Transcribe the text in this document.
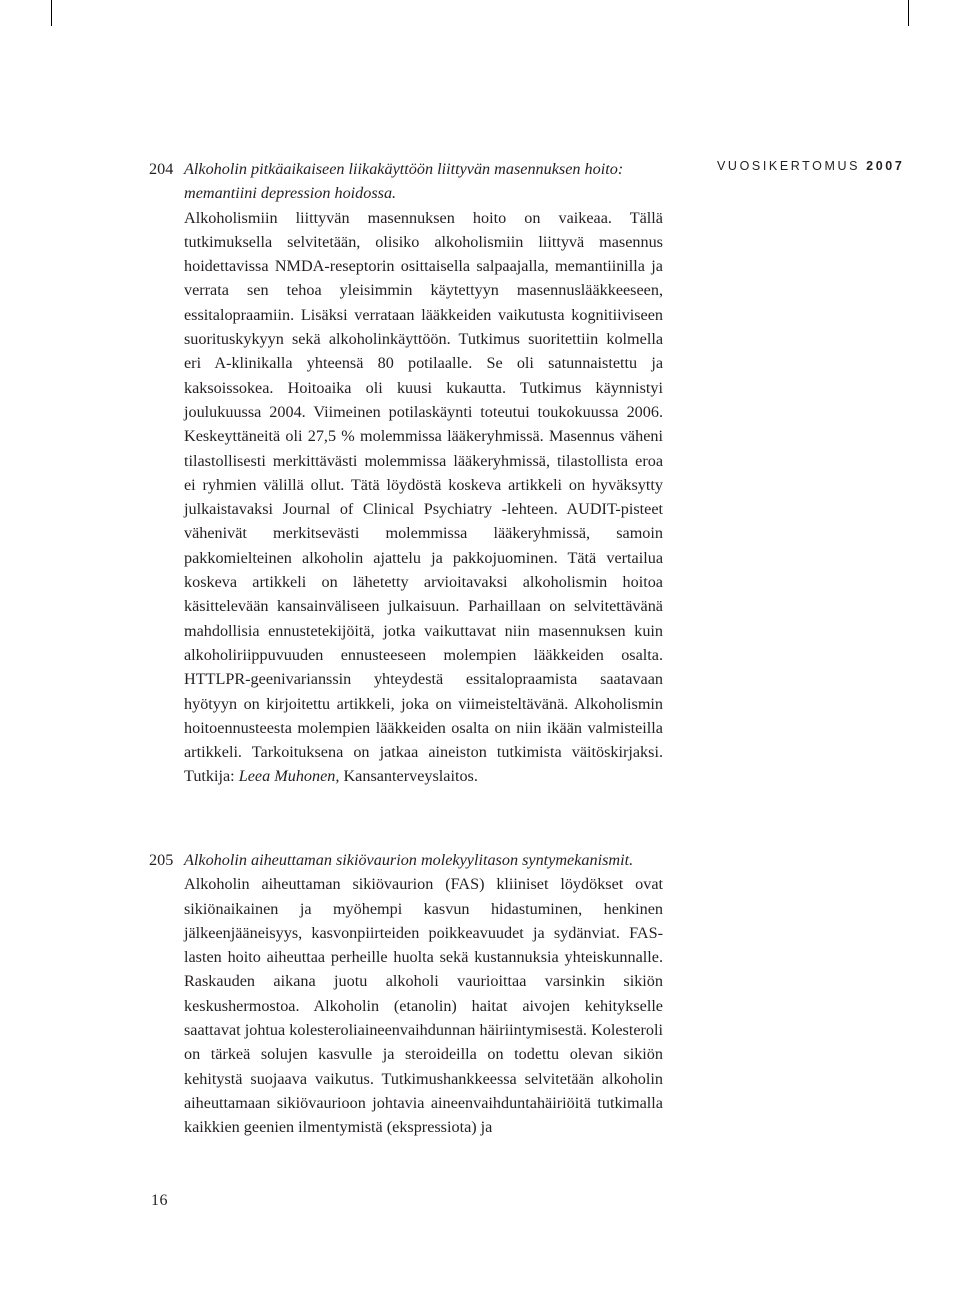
VUOSIKERTOMUS 2007
204 Alkoholin pitkäaikaiseen liikakäyttöön liittyvän masennuksen hoito: memantiini depression hoidossa.
Alkoholismiin liittyvän masennuksen hoito on vaikeaa. Tällä tutkimuksella selvitetään, olisiko alkoholismiin liittyvä masennus hoidettavissa NMDA-reseptorin osittaisella salpaajalla, memantiinilla ja verrata sen tehoa yleisimmin käytettyyn masennuslääkkeeseen, essitalopraamiin. Lisäksi verrataan lääkkeiden vaikutusta kognitiiviseen suorituskykyyn sekä alkoholinkäyttöön. Tutkimus suoritettiin kolmella eri A-klinikalla yhteensä 80 potilaalle. Se oli satunnaistettu ja kaksoissokea. Hoitoaika oli kuusi kukautta. Tutkimus käynnistyi joulukuussa 2004. Viimeinen potilaskäynti toteutui toukokuussa 2006. Keskeyttäneitä oli 27,5 % molemmissa lääkeryhmissä. Masennus väheni tilastollisesti merkittävästi molemmissa lääkeryhmissä, tilastollista eroa ei ryhmien välillä ollut. Tätä löydöstä koskeva artikkeli on hyväksytty julkaistavaksi Journal of Clinical Psychiatry -lehteen. AUDIT-pisteet vähenivät merkitsevästi molemmissa lääkeryhmissä, samoin pakkomielteinen alkoholin ajattelu ja pakkojuominen. Tätä vertailua koskeva artikkeli on lähetetty arvioitavaksi alkoholismin hoitoa käsittelevään kansainväliseen julkaisuun. Parhaillaan on selvitettävänä mahdollisia ennustetekijöitä, jotka vaikuttavat niin masennuksen kuin alkoholiriippuvuuden ennusteeseen molempien lääkkeiden osalta. HTTLPR-geenivarianssin yhteydestä essitalopraamista saatavaan hyötyyn on kirjoitettu artikkeli, joka on viimeisteltävänä. Alkoholismin hoitoennusteesta molempien lääkkeiden osalta on niin ikään valmisteilla artikkeli. Tarkoituksena on jatkaa aineiston tutkimista väitöskirjaksi. Tutkija: Leea Muhonen, Kansanterveyslaitos.
205 Alkoholin aiheuttaman sikiövaurion molekyylitason syntymekanismit.
Alkoholin aiheuttaman sikiövaurion (FAS) kliiniset löydökset ovat sikiönaikainen ja myöhempi kasvun hidastuminen, henkinen jälkeenjääneisyys, kasvonpiirteiden poikkeavuudet ja sydänviat. FAS-lasten hoito aiheuttaa perheille huolta sekä kustannuksia yhteiskunnalle. Raskauden aikana juotu alkoholi vaurioittaa varsinkin sikiön keskushermostoa. Alkoholin (etanolin) haitat aivojen kehitykselle saattavat johtua kolesteroliaineenvaihdunnan häiriintymisestä. Kolesteroli on tärkeä solujen kasvulle ja steroideilla on todettu olevan sikiön kehitystä suojaava vaikutus. Tutkimushankkeessa selvitetään alkoholin aiheuttamaan sikiövaurioon johtavia aineenvaihduntahäiriöitä tutkimalla kaikkien geenien ilmentymistä (ekspressiota) ja
16
